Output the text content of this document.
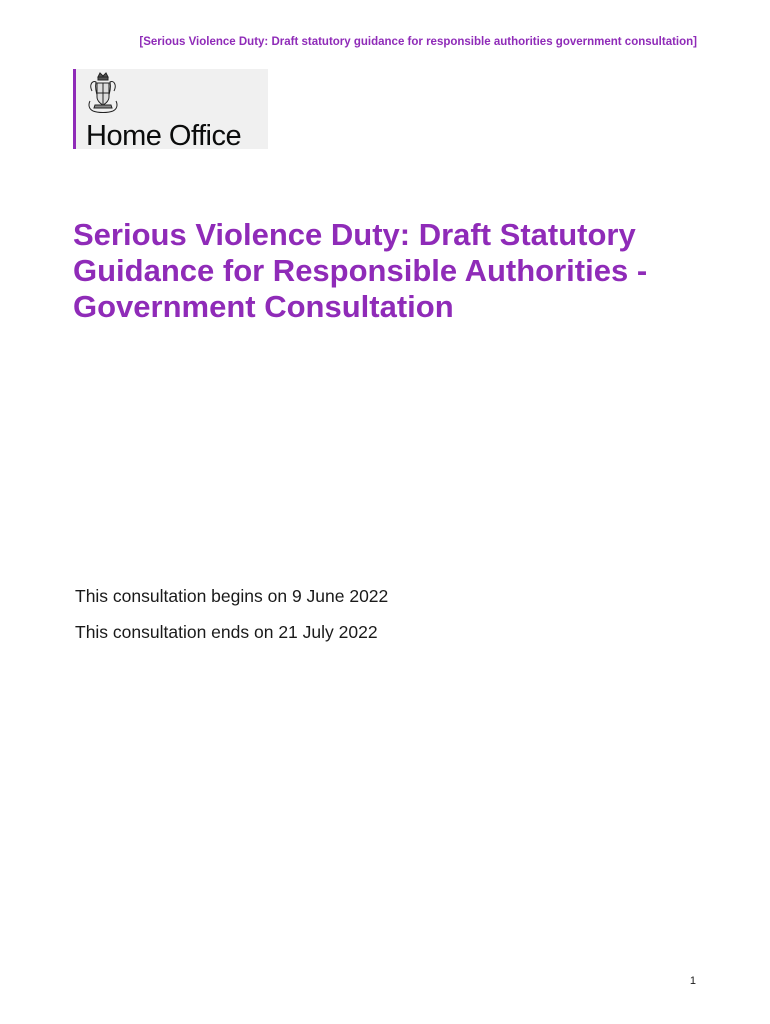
[Serious Violence Duty: Draft statutory guidance for responsible authorities government consultation]
Home Office
Serious Violence Duty: Draft Statutory Guidance for Responsible Authorities - Government Consultation
This consultation begins on 9 June 2022
This consultation ends on 21 July 2022
1
